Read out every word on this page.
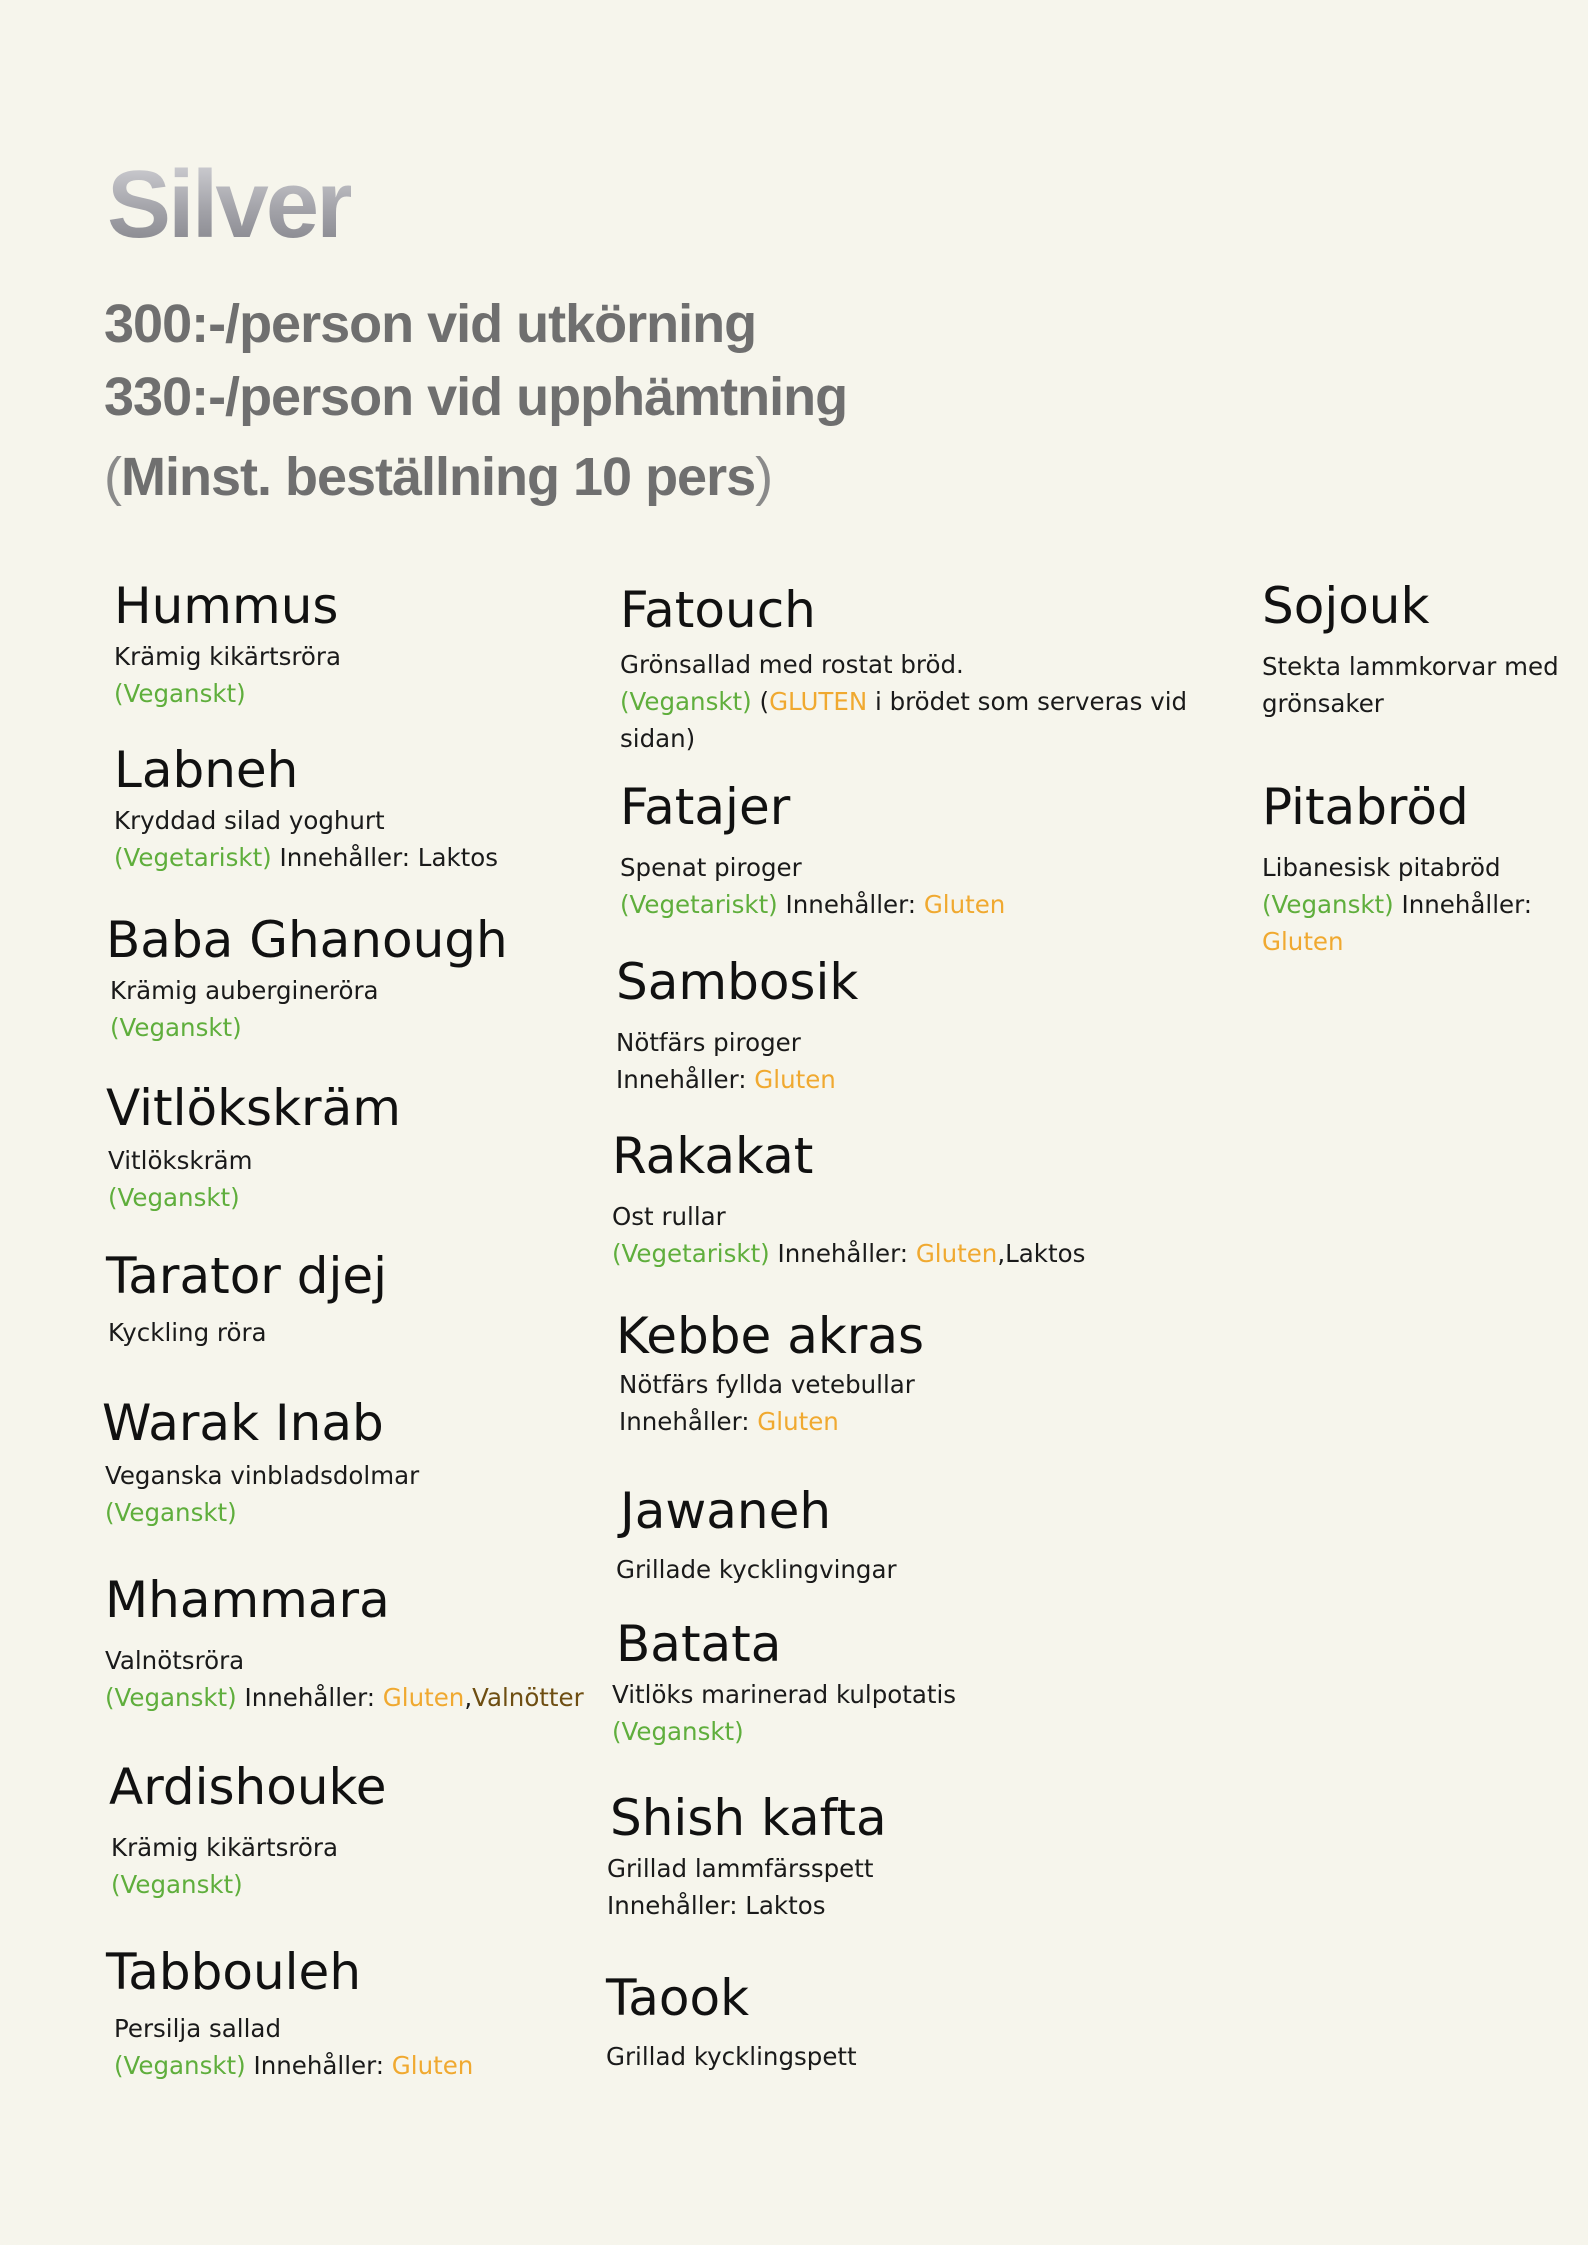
Silver

300:-/person vid utkörning

330:-/person vid upphämtning

(Minst. beställning 10 pers)

Hummus

Krämig kikärtsröra

(Veganskt)

Labneh

Kryddad silad yoghurt

(Vegetariskt) Innehåller: Laktos

Baba Ghanough

Krämig auberginеröra

(Veganskt)

Vitlökskräm

Vitlökskräm

(Veganskt)

Tarator djej

Kyckling röra

Warak Inab

Veganska vinbladsdolmar

(Veganskt)

Mhammara

Valnötsröra

(Veganskt) Innehåller: Gluten,Valnötter

Ardishouke

Krämig kikärtsröra

(Veganskt)

Tabbouleh

Persilja sallad

(Veganskt) Innehåller: Gluten

Fatouch

Grönsallad med rostat bröd.

(Veganskt) (GLUTEN i brödet som serveras vid sidan)

Fatajer

Spenat piroger

(Vegetariskt) Innehåller: Gluten

Sambosik

Nötfärs piroger

Innehåller: Gluten

Rakakat

Ost rullar

(Vegetariskt) Innehåller: Gluten,Laktos

Kebbe akras

Nötfärs fyllda vetebullar

Innehåller: Gluten

Jawaneh

Grillade kycklingvingar

Batata

Vitlöks marinerad kulpotatis

(Veganskt)

Shish kafta

Grillad lammfärsspett

Innehåller: Laktos

Taook

Grillad kycklingspett

Sojouk

Stekta lammkorvar med grönsaker

Pitabröd

Libanesisk pitabröd

(Veganskt) Innehåller: Gluten
